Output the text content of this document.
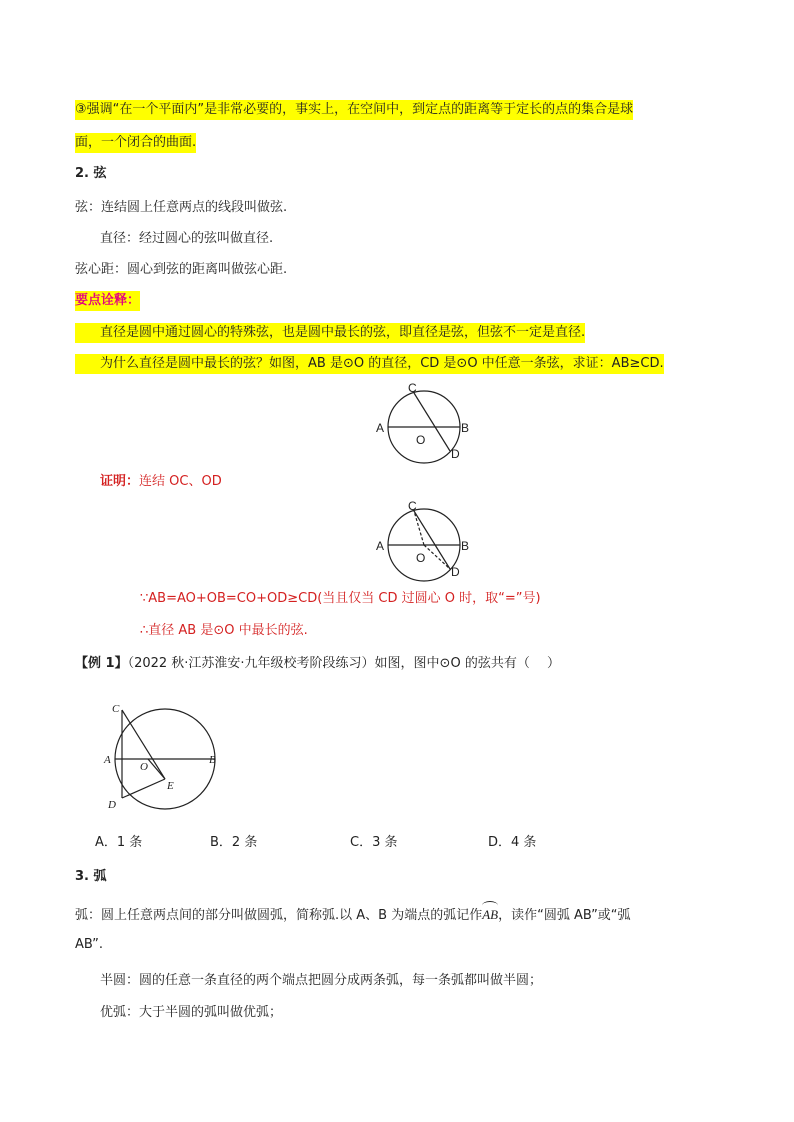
③强调“在一个平面内”是非常必要的，事实上，在空间中，到定点的距离等于定长的点的集合是球
面，一个闭合的曲面.
2. 弦
弦：连结圆上任意两点的线段叫做弦.
直径：经过圆心的弦叫做直径.
弦心距：圆心到弦的距离叫做弦心距.
要点诠释：
直径是圆中通过圆心的特殊弦，也是圆中最长的弦，即直径是弦，但弦不一定是直径.
为什么直径是圆中最长的弦？如图，AB 是⊙O 的直径，CD 是⊙O 中任意一条弦，求证：AB≥CD.
A	B
C
D
O
证明：连结 OC、OD
A	B
C
D
O
∵AB=AO+OB=CO+OD≥CD(当且仅当 CD 过圆心 O 时，取“=”号)
∴直径 AB 是⊙O 中最长的弦.
【例 1】（2022 秋·江苏淮安·九年级校考阶段练习）如图，图中⊙O 的弦共有（　 ）
A	B
C
D
O
E
A．1 条	B．2 条	C．3 条	D．4 条
3. 弧
弧：圆上任意两点间的部分叫做圆弧，简称弧.以 A、B 为端点的弧记作AB，读作“圆弧 AB”或“弧
AB”.
半圆：圆的任意一条直径的两个端点把圆分成两条弧，每一条弧都叫做半圆；
优弧：大于半圆的弧叫做优弧；
